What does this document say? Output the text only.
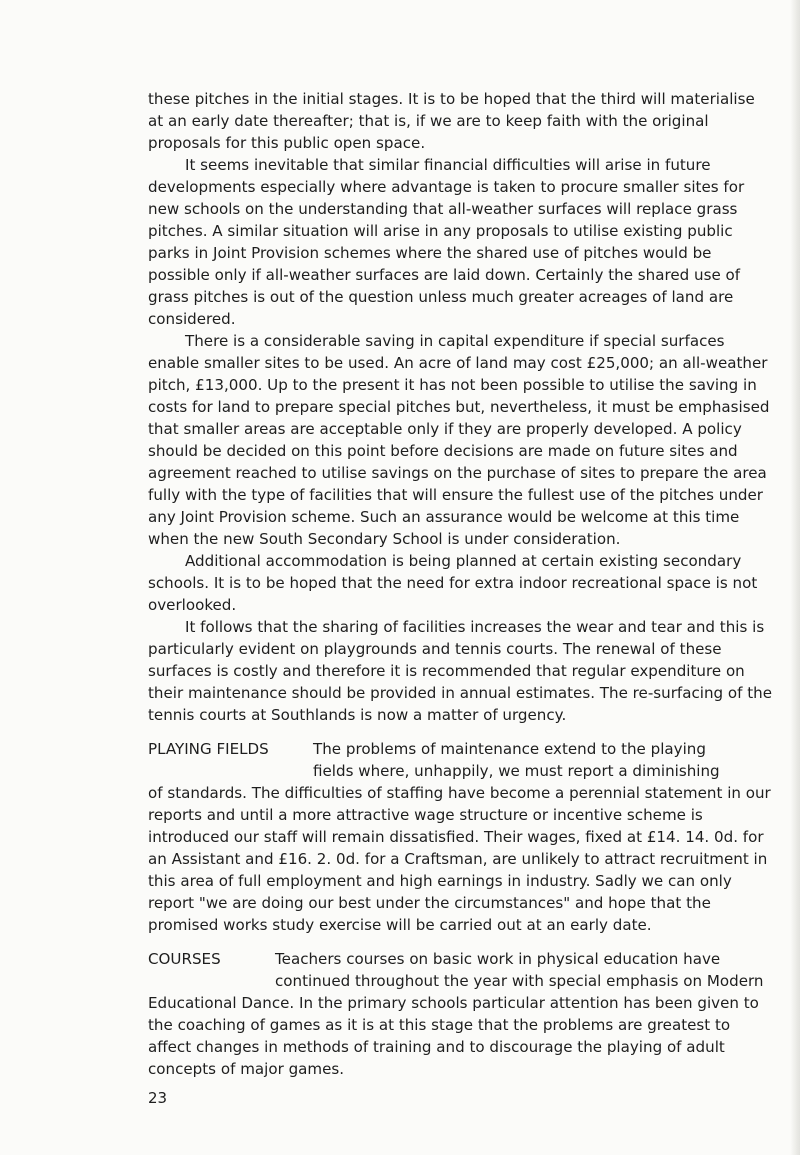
these pitches in the initial stages. It is to be hoped that the third will materialise at an early date thereafter; that is, if we are to keep faith with the original proposals for this public open space.

It seems inevitable that similar financial difficulties will arise in future developments especially where advantage is taken to procure smaller sites for new schools on the understanding that all-weather surfaces will replace grass pitches. A similar situation will arise in any proposals to utilise existing public parks in Joint Provision schemes where the shared use of pitches would be possible only if all-weather surfaces are laid down. Certainly the shared use of grass pitches is out of the question unless much greater acreages of land are considered.

There is a considerable saving in capital expenditure if special surfaces enable smaller sites to be used. An acre of land may cost £25,000; an all-weather pitch, £13,000. Up to the present it has not been possible to utilise the saving in costs for land to prepare special pitches but, nevertheless, it must be emphasised that smaller areas are acceptable only if they are properly developed. A policy should be decided on this point before decisions are made on future sites and agreement reached to utilise savings on the purchase of sites to prepare the area fully with the type of facilities that will ensure the fullest use of the pitches under any Joint Provision scheme. Such an assurance would be welcome at this time when the new South Secondary School is under consideration.

Additional accommodation is being planned at certain existing secondary schools. It is to be hoped that the need for extra indoor recreational space is not overlooked.

It follows that the sharing of facilities increases the wear and tear and this is particularly evident on playgrounds and tennis courts. The renewal of these surfaces is costly and therefore it is recommended that regular expenditure on their maintenance should be provided in annual estimates. The re-surfacing of the tennis courts at Southlands is now a matter of urgency.

PLAYING FIELDS	The problems of maintenance extend to the playing

fields where, unhappily, we must report a diminishing

of standards. The difficulties of staffing have become a perennial statement in our reports and until a more attractive wage structure or incentive scheme is introduced our staff will remain dissatisfied. Their wages, fixed at £14. 14. 0d. for an Assistant and £16. 2. 0d. for a Craftsman, are unlikely to attract recruitment in this area of full employment and high earnings in industry. Sadly we can only report "we are doing our best under the circumstances" and hope that the promised works study exercise will be carried out at an early date.

COURSES	Teachers courses on basic work in physical education have

continued throughout the year with special emphasis on Modern

Educational Dance. In the primary schools particular attention has been given to the coaching of games as it is at this stage that the problems are greatest to affect changes in methods of training and to discourage the playing of adult concepts of major games.

23
